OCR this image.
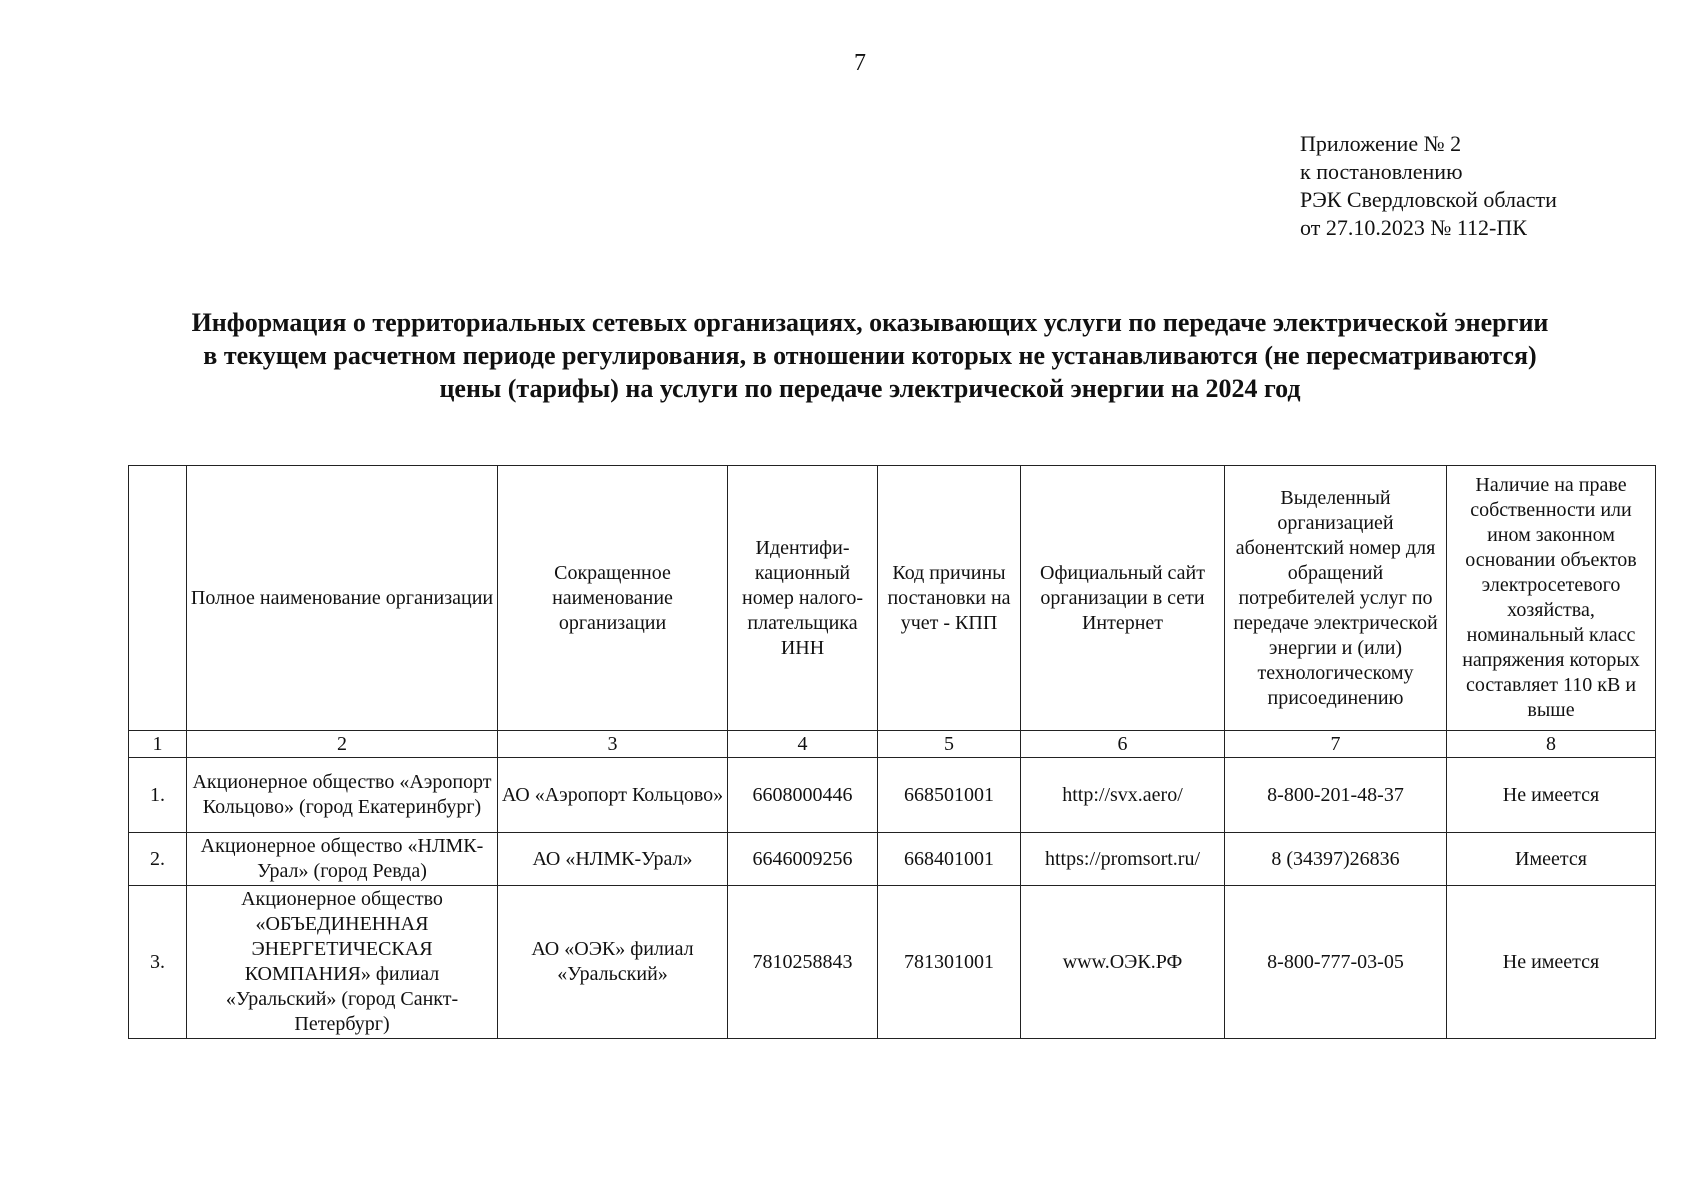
7
Приложение № 2
к постановлению
РЭК Свердловской области
от 27.10.2023 № 112-ПК
Информация о территориальных сетевых организациях, оказывающих услуги по передаче электрической энергии
в текущем расчетном периоде регулирования, в отношении которых не устанавливаются (не пересматриваются)
цены (тарифы) на услуги по передаче электрической энергии на 2024 год
	Полное наименование организации	Сокращенное наименование организации	Идентифи-кационный номер налого-плательщика ИНН	Код причины постановки на учет - КПП	Официальный сайт организации в сети Интернет	Выделенный организацией абонентский номер для обращений потребителей услуг по передаче электрической энергии и (или) технологическому присоединению	Наличие на праве собственности или ином законном основании объектов электросетевого хозяйства, номинальный класс напряжения которых составляет 110 кВ и выше
1	2	3	4	5	6	7	8
1.	Акционерное общество «Аэропорт Кольцово» (город Екатеринбург)	АО «Аэропорт Кольцово»	6608000446	668501001	http://svx.aero/	8-800-201-48-37	Не имеется
2.	Акционерное общество «НЛМК-Урал» (город Ревда)	АО «НЛМК-Урал»	6646009256	668401001	https://promsort.ru/	8 (34397)26836	Имеется
3.	Акционерное общество «ОБЪЕДИНЕННАЯ ЭНЕРГЕТИЧЕСКАЯ КОМПАНИЯ» филиал «Уральский» (город Санкт-Петербург)	АО «ОЭК» филиал «Уральский»	7810258843	781301001	www.ОЭК.РФ	8-800-777-03-05	Не имеется
